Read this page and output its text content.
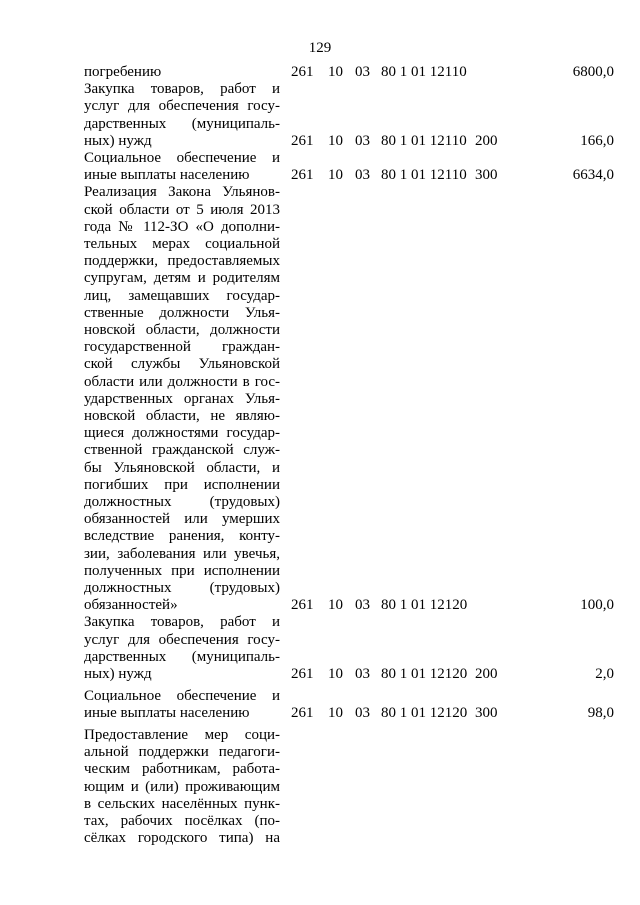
129
погребению	261 10 03 80 1 01 12110	6800,0
Закупка товаров, работ и
услуг для обеспечения госу-
дарственных (муниципаль-
ных) нужд	261 10 03 80 1 01 12110 200	166,0
Социальное обеспечение и
иные выплаты населению	261 10 03 80 1 01 12110 300	6634,0
Реализация Закона Ульянов-
ской области от 5 июля 2013
года № 112-ЗО «О дополни-
тельных мерах социальной
поддержки, предоставляемых
супругам, детям и родителям
лиц, замещавших государ-
ственные должности Улья-
новской области, должности
государственной граждан-
ской службы Ульяновской
области или должности в гос-
ударственных органах Улья-
новской области, не являю-
щиеся должностями государ-
ственной гражданской служ-
бы Ульяновской области, и
погибших при исполнении
должностных (трудовых)
обязанностей или умерших
вследствие ранения, конту-
зии, заболевания или увечья,
полученных при исполнении
должностных (трудовых)
обязанностей»	261 10 03 80 1 01 12120	100,0
Закупка товаров, работ и
услуг для обеспечения госу-
дарственных (муниципаль-
ных) нужд	261 10 03 80 1 01 12120 200	2,0
Социальное обеспечение и
иные выплаты населению	261 10 03 80 1 01 12120 300	98,0
Предоставление мер соци-
альной поддержки педагоги-
ческим работникам, работа-
ющим и (или) проживающим
в сельских населённых пунк-
тах, рабочих посёлках (по-
сёлках городского типа) на
